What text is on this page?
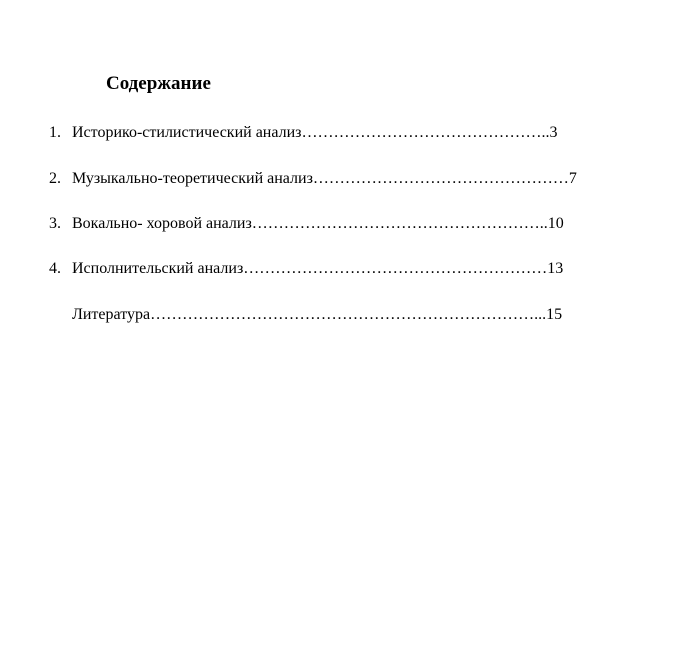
Содержание
1. Историко-стилистический анализ………………………………………..3
2. Музыкально-теоретический анализ…………………………………………7
3. Вокально- хоровой анализ………………………………………………..10
4. Исполнительский анализ…………………………………………………13
Литература………………………………………………………………...15
